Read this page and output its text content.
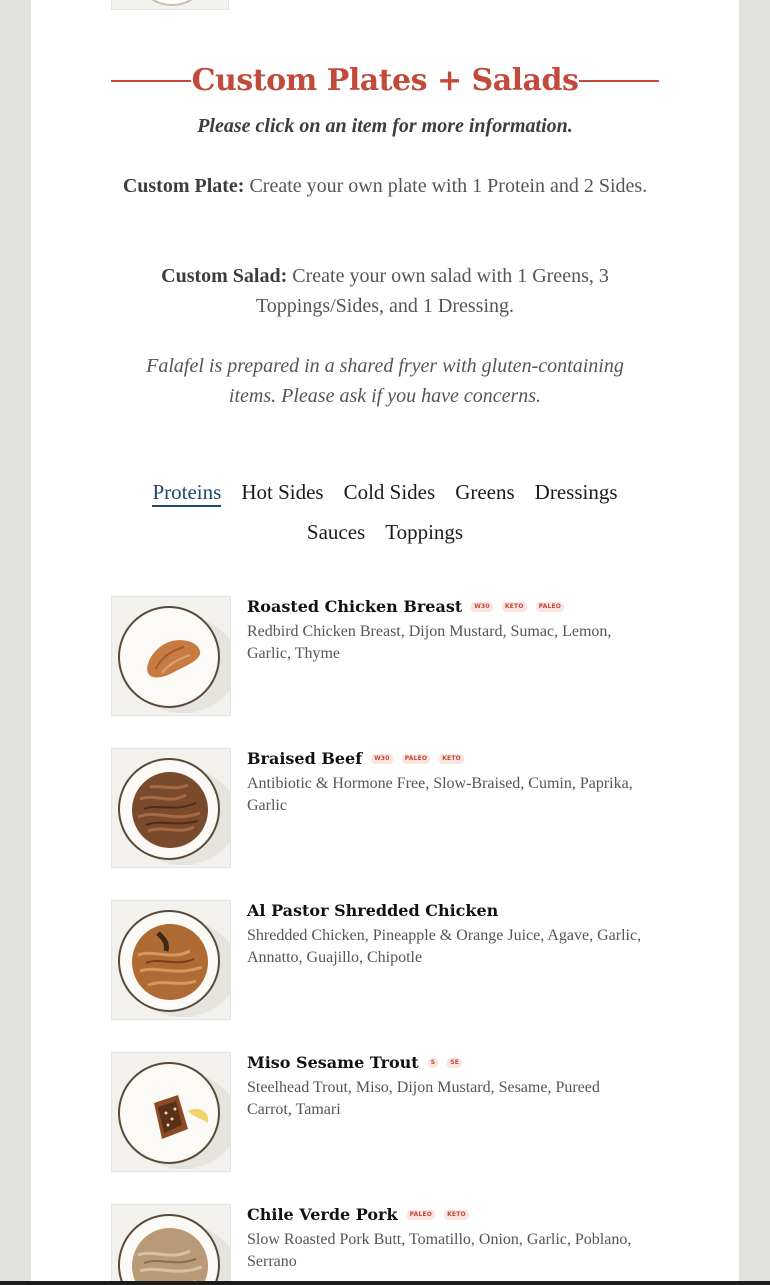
Custom Plates + Salads
Please click on an item for more information.
Custom Plate: Create your own plate with 1 Protein and 2 Sides.
Custom Salad: Create your own salad with 1 Greens, 3 Toppings/Sides, and 1 Dressing.
Falafel is prepared in a shared fryer with gluten-containing items. Please ask if you have concerns.
Proteins Hot Sides Cold Sides Greens Dressings
Sauces Toppings
Roasted Chicken Breast W30	KETO	PALEO
Redbird Chicken Breast, Dijon Mustard, Sumac, Lemon, Garlic, Thyme
Braised Beef W30	PALEO	KETO
Antibiotic & Hormone Free, Slow-Braised, Cumin, Paprika, Garlic
Al Pastor Shredded Chicken
Shredded Chicken, Pineapple & Orange Juice, Agave, Garlic, Annatto, Guajillo, Chipotle
Miso Sesame Trout S	SE
Steelhead Trout, Miso, Dijon Mustard, Sesame, Pureed Carrot, Tamari
Chile Verde Pork PALEO	KETO
Slow Roasted Pork Butt, Tomatillo, Onion, Garlic, Poblano, Serrano
